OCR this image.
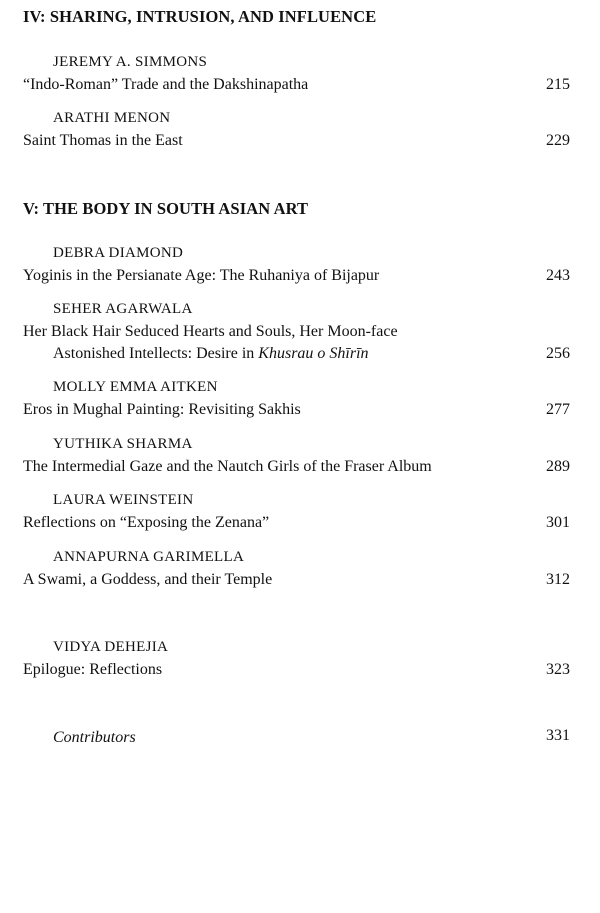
IV: SHARING, INTRUSION, AND INFLUENCE
JEREMY A. SIMMONS
“Indo-Roman” Trade and the Dakshinapatha	215
ARATHI MENON
Saint Thomas in the East	229
V: THE BODY IN SOUTH ASIAN ART
DEBRA DIAMOND
Yoginis in the Persianate Age: The Ruhaniya of Bijapur	243
SEHER AGARWALA
Her Black Hair Seduced Hearts and Souls, Her Moon-face
Astonished Intellects: Desire in Khusrau o Shīrīn	256
MOLLY EMMA AITKEN
Eros in Mughal Painting: Revisiting Sakhis	277
YUTHIKA SHARMA
The Intermedial Gaze and the Nautch Girls of the Fraser Album	289
LAURA WEINSTEIN
Reflections on “Exposing the Zenana”	301
ANNAPURNA GARIMELLA
A Swami, a Goddess, and their Temple	312
VIDYA DEHEJIA
Epilogue: Reflections	323
Contributors	331
